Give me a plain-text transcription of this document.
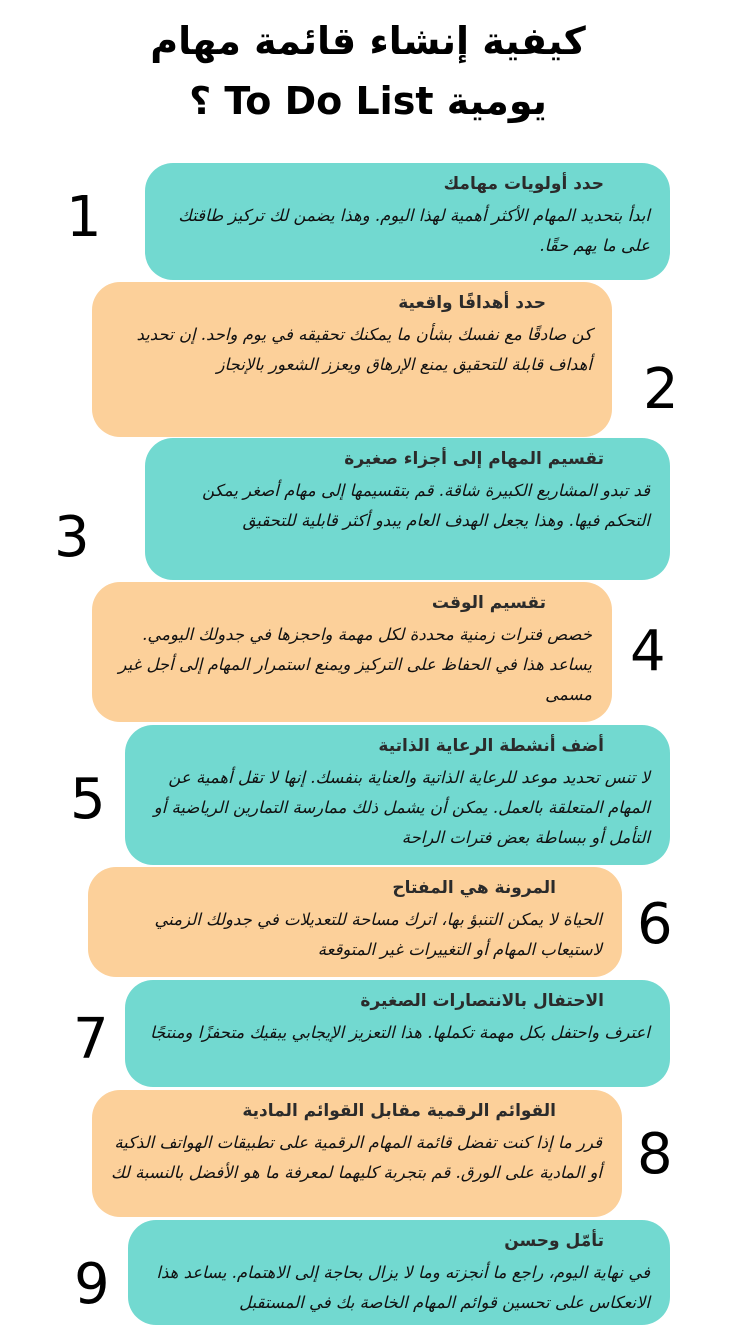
كيفية إنشاء قائمة مهام
يومية To Do List ؟
حدد أولويات مهامك
ابدأ بتحديد المهام الأكثر أهمية لهذا اليوم. وهذا يضمن لك تركيز طاقتك على ما يهم حقًا.
1
حدد أهدافًا واقعية
كن صادقًا مع نفسك بشأن ما يمكنك تحقيقه في يوم واحد. إن تحديد أهداف قابلة للتحقيق يمنع الإرهاق ويعزز الشعور بالإنجاز 2
تقسيم المهام إلى أجزاء صغيرة
قد تبدو المشاريع الكبيرة شاقة. قم بتقسيمها إلى مهام أصغر يمكن التحكم فيها. وهذا يجعل الهدف العام يبدو أكثر قابلية للتحقيق
3
تقسيم الوقت
خصص فترات زمنية محددة لكل مهمة واحجزها في جدولك اليومي. يساعد هذا في الحفاظ على التركيز ويمنع استمرار المهام إلى أجل غير مسمى
4
أضف أنشطة الرعاية الذاتية
لا تنس تحديد موعد للرعاية الذاتية والعناية بنفسك. إنها لا تقل أهمية عن المهام المتعلقة بالعمل. يمكن أن يشمل ذلك ممارسة التمارين الرياضية أو التأمل أو ببساطة بعض فترات الراحة
5
المرونة هي المفتاح
الحياة لا يمكن التنبؤ بها، اترك مساحة للتعديلات في جدولك الزمني لاستيعاب المهام أو التغييرات غير المتوقعة 6
الاحتفال بالانتصارات الصغيرة
اعترف واحتفل بكل مهمة تكملها. هذا التعزيز الإيجابي يبقيك متحفزًا ومنتجًا
7
القوائم الرقمية مقابل القوائم المادية
قرر ما إذا كنت تفضل قائمة المهام الرقمية على تطبيقات الهواتف الذكية أو المادية على الورق. قم بتجربة كليهما لمعرفة ما هو الأفضل بالنسبة لك 8
تأمّل وحسن
في نهاية اليوم، راجع ما أنجزته وما لا يزال بحاجة إلى الاهتمام. يساعد هذا الانعكاس على تحسين قوائم المهام الخاصة بك في المستقبل
9
